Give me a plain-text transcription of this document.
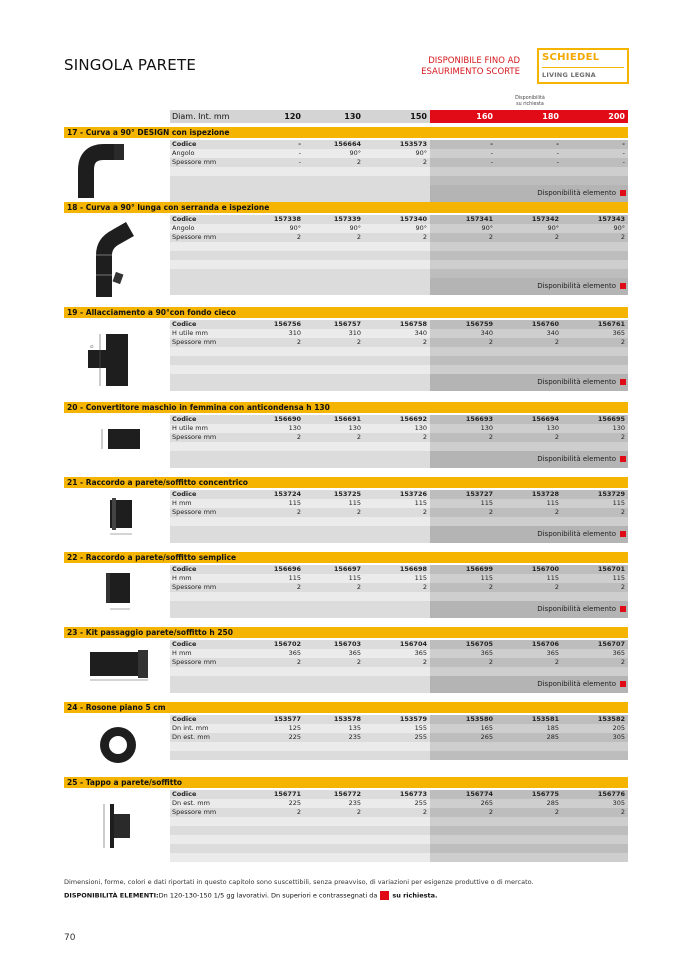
SINGOLA PARETE	DISPONIBILE FINO AD
ESAURIMENTO SCORTE
SCHIEDEL
LIVING LEGNA
Disponibilità
su richiesta
Diam. Int. mm	120	130	150	160	180	200
17 - Curva a 90° DESIGN con ispezione
Codice	-	156664	153573	-	-	-
Angolo	-	90°	90°	-	-	-
Spessore mm	-	2	2	-	-	-
Disponibilità elemento
18 - Curva a 90° lunga con serranda e ispezione
Codice	157338	157339	157340	157341	157342	157343
Angolo	90°	90°	90°	90°	90°	90°
Spessore mm	2	2	2	2	2	2
Disponibilità elemento
19 - Allacciamento a 90°con fondo cieco
∅
Codice	156756	156757	156758	156759	156760	156761
H utile mm	310	310	340	340	340	365
Spessore mm	2	2	2	2	2	2
Disponibilità elemento
20 - Convertitore maschio in femmina con anticondensa h 130
Codice	156690	156691	156692	156693	156694	156695
H utile mm	130	130	130	130	130	130
Spessore mm	2	2	2	2	2	2
Disponibilità elemento
21 - Raccordo a parete/soffitto concentrico
Codice	153724	153725	153726	153727	153728	153729
H mm	115	115	115	115	115	115
Spessore mm	2	2	2	2	2	2
Disponibilità elemento
22 - Raccordo a parete/soffitto semplice
Codice	156696	156697	156698	156699	156700	156701
H mm	115	115	115	115	115	115
Spessore mm	2	2	2	2	2	2
Disponibilità elemento
23 - Kit passaggio parete/soffitto h 250
Codice	156702	156703	156704	156705	156706	156707
H mm	365	365	365	365	365	365
Spessore mm	2	2	2	2	2	2
Disponibilità elemento
24 - Rosone piano 5 cm
Codice	153577	153578	153579	153580	153581	153582
Dn int. mm	125	135	155	165	185	205
Dn est. mm	225	235	255	265	285	305
25 - Tappo a parete/soffitto
Codice	156771	156772	156773	156774	156775	156776
Dn est. mm	225	235	255	265	285	305
Spessore mm	2	2	2	2	2	2
Dimensioni, forme, colori e dati riportati in questo capitolo sono suscettibili, senza preavviso, di variazioni per esigenze produttive o di mercato.
DISPONIBILITÀ ELEMENTI:Dn 120-130-150 1/5 gg lavorativi. Dn superiori e contrassegnati da su richiesta.
70
